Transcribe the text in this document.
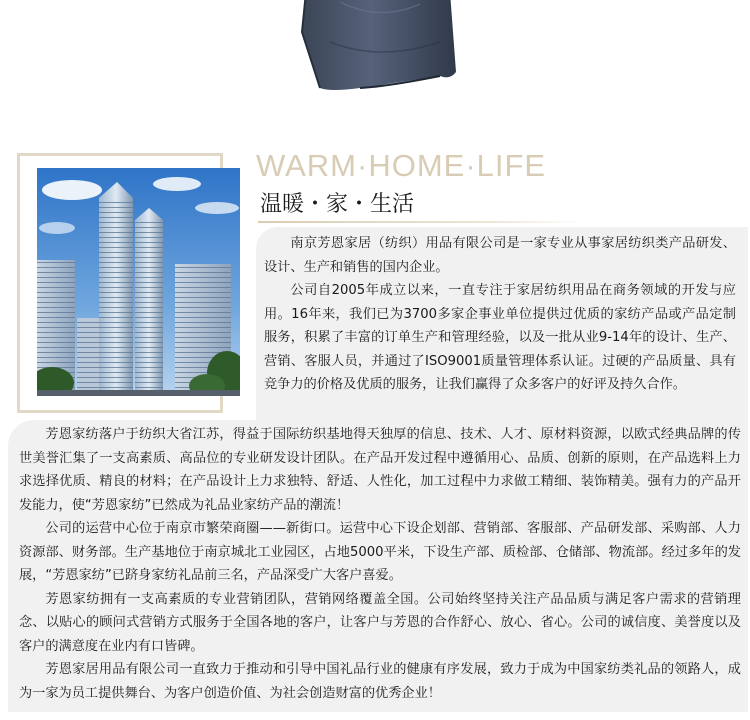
WARM·HOME·LIFE
温暖・家・生活

南京芳恩家居（纺织）用品有限公司是一家专业从事家居纺织类产品研发、设计、生产和销售的国内企业。

公司自2005年成立以来，一直专注于家居纺织用品在商务领域的开发与应用。16年来，我们已为3700多家企事业单位提供过优质的家纺产品或产品定制服务，积累了丰富的订单生产和管理经验，以及一批从业9-14年的设计、生产、营销、客服人员，并通过了ISO9001质量管理体系认证。过硬的产品质量、具有竞争力的价格及优质的服务，让我们赢得了众多客户的好评及持久合作。

芳恩家纺落户于纺织大省江苏，得益于国际纺织基地得天独厚的信息、技术、人才、原材料资源，以欧式经典品牌的传世美誉汇集了一支高素质、高品位的专业研发设计团队。在产品开发过程中遵循用心、品质、创新的原则，在产品选料上力求选择优质、精良的材料；在产品设计上力求独特、舒适、人性化，加工过程中力求做工精细、装饰精美。强有力的产品开发能力，使“芳恩家纺”已然成为礼品业家纺产品的潮流！

公司的运营中心位于南京市繁荣商圈——新街口。运营中心下设企划部、营销部、客服部、产品研发部、采购部、人力资源部、财务部。生产基地位于南京城北工业园区，占地5000平米，下设生产部、质检部、仓储部、物流部。经过多年的发展，“芳恩家纺”已跻身家纺礼品前三名，产品深受广大客户喜爱。

芳恩家纺拥有一支高素质的专业营销团队，营销网络覆盖全国。公司始终坚持关注产品品质与满足客户需求的营销理念、以贴心的顾问式营销方式服务于全国各地的客户，让客户与芳恩的合作舒心、放心、省心。公司的诚信度、美誉度以及客户的满意度在业内有口皆碑。

芳恩家居用品有限公司一直致力于推动和引导中国礼品行业的健康有序发展，致力于成为中国家纺类礼品的领路人，成为一家为员工提供舞台、为客户创造价值、为社会创造财富的优秀企业！
